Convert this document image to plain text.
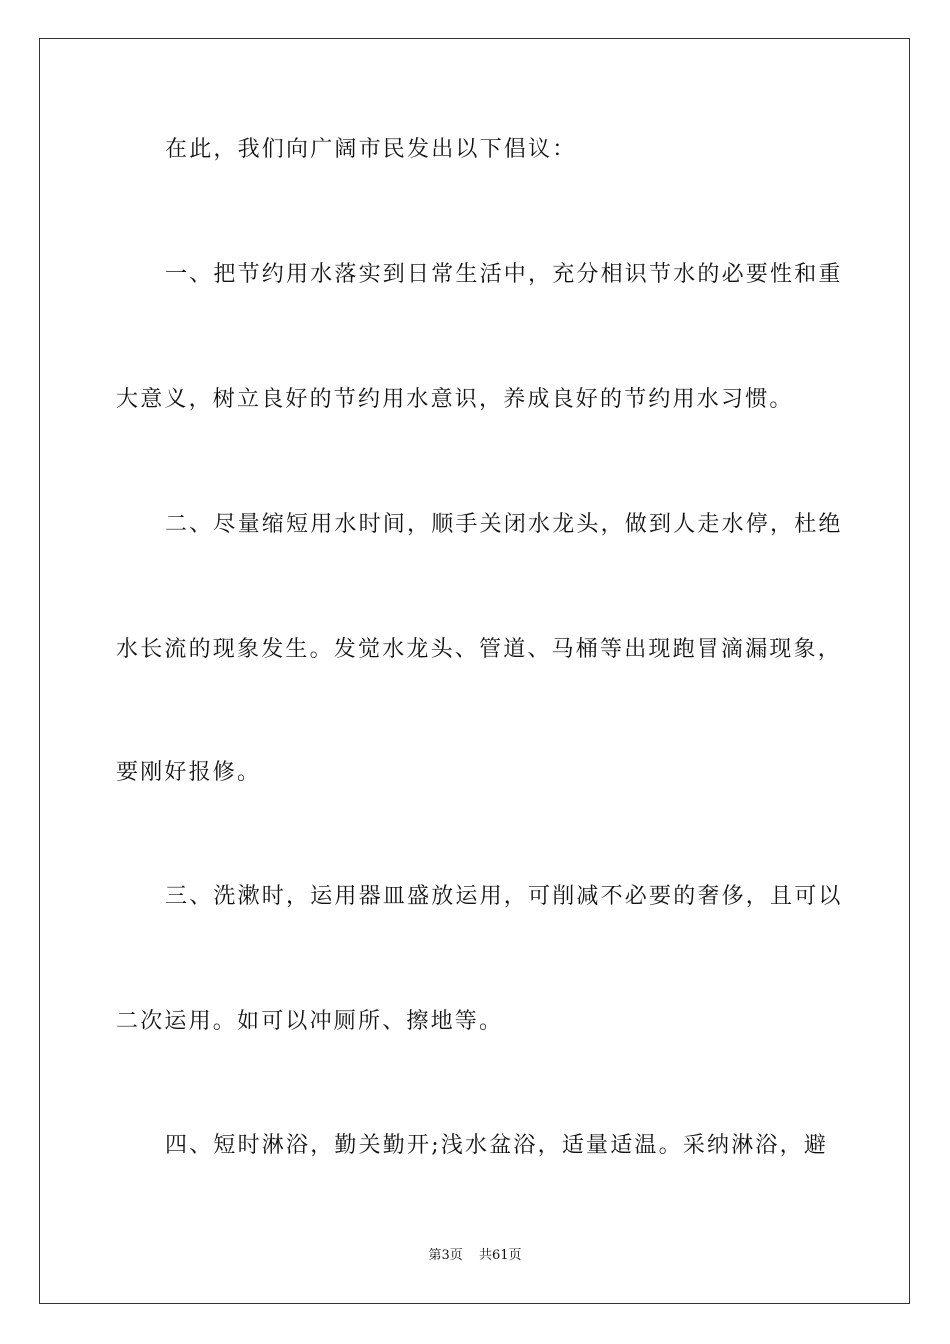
在此，我们向广阔市民发出以下倡议：
一、把节约用水落实到日常生活中，充分相识节水的必要性和重
大意义，树立良好的节约用水意识，养成良好的节约用水习惯。
二、尽量缩短用水时间，顺手关闭水龙头，做到人走水停，杜绝
水长流的现象发生。发觉水龙头、管道、马桶等出现跑冒滴漏现象，
要刚好报修。
三、洗漱时，运用器皿盛放运用，可削减不必要的奢侈，且可以
二次运用。如可以冲厕所、擦地等。
四、短时淋浴，勤关勤开;浅水盆浴，适量适温。采纳淋浴，避
第3页 共61页
